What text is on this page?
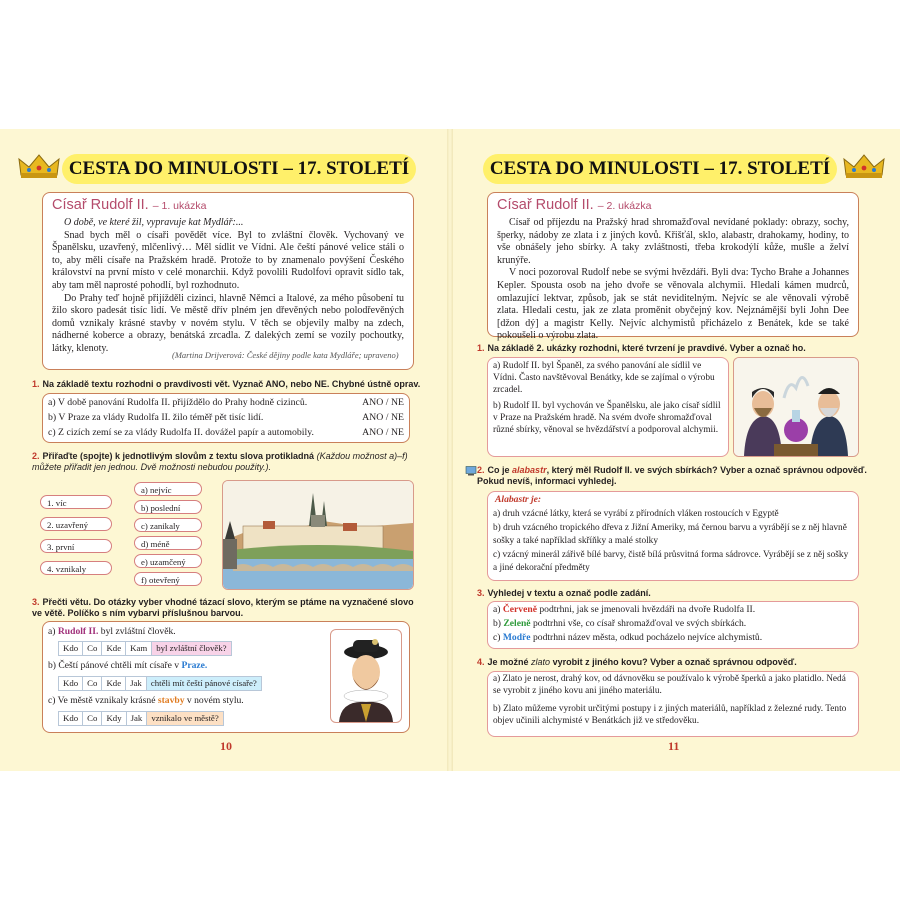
CESTA DO MINULOSTI – 17. STOLETÍ
Císař Rudolf II. – 1. ukázka

O době, ve které žil, vypravuje kat Mydlář:...

Snad bych měl o císaři povědět více. Byl to zvláštní člověk. Vychovaný ve Španělsku, uzavřený, mlčenlivý… Měl sídlit ve Vídni. Ale čeští pánové velice stáli o to, aby měli císaře na Pražském hradě. Protože to by znamenalo povýšení Českého království na první místo v celé monarchii. Když povolili Rudolfovi opravit sídlo tak, aby tam měl naprosté pohodlí, byl rozhodnuto.

Do Prahy teď hojně přijížděli cizinci, hlavně Němci a Italové, za mého působení tu žilo skoro padesát tisíc lidí. Ve městě dřív plném jen dřevěných nebo polodřevěných domů vznikaly krásné stavby v novém stylu. V těch se objevily malby na zdech, nádherné koberce a obrazy, benátská zrcadla. Z dalekých zemí se vozily pochoutky, látky, klenoty.

(Martina Drijverová: České dějiny podle kata Mydláře; upraveno)
1. Na základě textu rozhodni o pravdivosti vět. Vyznač ANO, nebo NE. Chybné ústně oprav.
a) V době panování Rudolfa II. přijíždělo do Prahy hodně cizinců.	ANO / NE
b) V Praze za vlády Rudolfa II. žilo téměř pět tisíc lidí.	ANO / NE
c) Z cizích zemí se za vlády Rudolfa II. dovážel papír a automobily.	ANO / NE
2. Přiřaďte (spojte) k jednotlivým slovům z textu slova protikladná (Každou možnost a)–f) můžete přiřadit jen jednou. Dvě možnosti nebudou použity.).
1. víc
2. uzavřený
3. první
4. vznikaly
a) nejvíc
b) poslední
c) zanikaly
d) méně
e) uzamčený
f) otevřený
3. Přečti větu. Do otázky vyber vhodné tázací slovo, kterým se ptáme na vyznačené slovo ve větě. Políčko s ním vybarvi příslušnou barvou.
a) Rudolf II. byl zvláštní člověk.
Kdo	Co	Kde	Kam	byl zvláštní člověk?
b) Čeští pánové chtěli mít císaře v Praze.
Kdo	Co	Kde	Jak	chtěli mít čeští pánové císaře?
c) Ve městě vznikaly krásné stavby v novém stylu.
Kdo	Co	Kdy	Jak	vznikalo ve městě?
10
CESTA DO MINULOSTI – 17. STOLETÍ
Císař Rudolf II. – 2. ukázka

Císař od příjezdu na Pražský hrad shromažďoval nevídané poklady: obrazy, sochy, šperky, nádoby ze zlata i z jiných kovů. Křišťál, sklo, alabastr, drahokamy, hodiny, to vše obnášely jeho sbírky. A taky zvláštnosti, třeba krokodýlí kůže, mušle a želví krunýře.

V noci pozoroval Rudolf nebe se svými hvězdáři. Byli dva: Tycho Brahe a Johannes Kepler. Spousta osob na jeho dvoře se věnovala alchymii. Hledali kámen mudrců, omlazující lektvar, způsob, jak se stát neviditelným. Nejvíc se ale věnovali výrobě zlata. Hledali cestu, jak ze zlata proměnit obyčejný kov. Nejznámější byli John Dee [džon dý] a magistr Kelly. Nejvíc alchymistů přicházelo z Benátek, kde se také pokoušeli o výrobu zlata.

1. Na základě 2. ukázky rozhodni, které tvrzení je pravdivé. Vyber a označ ho.
a) Rudolf II. byl Španěl, za svého panování ale sídlil ve Vídni. Často navštěvoval Benátky, kde se zajímal o výrobu zrcadel.
b) Rudolf II. byl vychován ve Španělsku, ale jako císař sídlil v Praze na Pražském hradě. Na svém dvoře shromažďoval různé sbírky, věnoval se hvězdářství a podporoval alchymii.
2. Co je alabastr, který měl Rudolf II. ve svých sbírkách? Vyber a označ správnou odpověď. Pokud nevíš, informaci vyhledej.
Alabastr je:
a) druh vzácné látky, která se vyrábí z přírodních vláken rostoucích v Egyptě
b) druh vzácného tropického dřeva z Jižní Ameriky, má černou barvu a vyrábějí se z něj hlavně sošky a také například skříňky a malé stolky
c) vzácný minerál zářivě bílé barvy, čistě bílá průsvitná forma sádrovce. Vyrábějí se z něj sošky a jiné dekorační předměty
3. Vyhledej v textu a označ podle zadání.
a) Červeně podtrhni, jak se jmenovali hvězdáři na dvoře Rudolfa II.
b) Zeleně podtrhni vše, co císař shromažďoval ve svých sbírkách.
c) Modře podtrhni název města, odkud pocházelo nejvíce alchymistů.
4. Je možné zlato vyrobit z jiného kovu? Vyber a označ správnou odpověď.
a) Zlato je nerost, drahý kov, od dávnověku se používalo k výrobě šperků a jako platidlo. Nedá se vyrobit z jiného kovu ani jiného materiálu.
b) Zlato můžeme vyrobit určitými postupy i z jiných materiálů, například z železné rudy. Tento objev učinili alchymisté v Benátkách již ve středověku.
11
